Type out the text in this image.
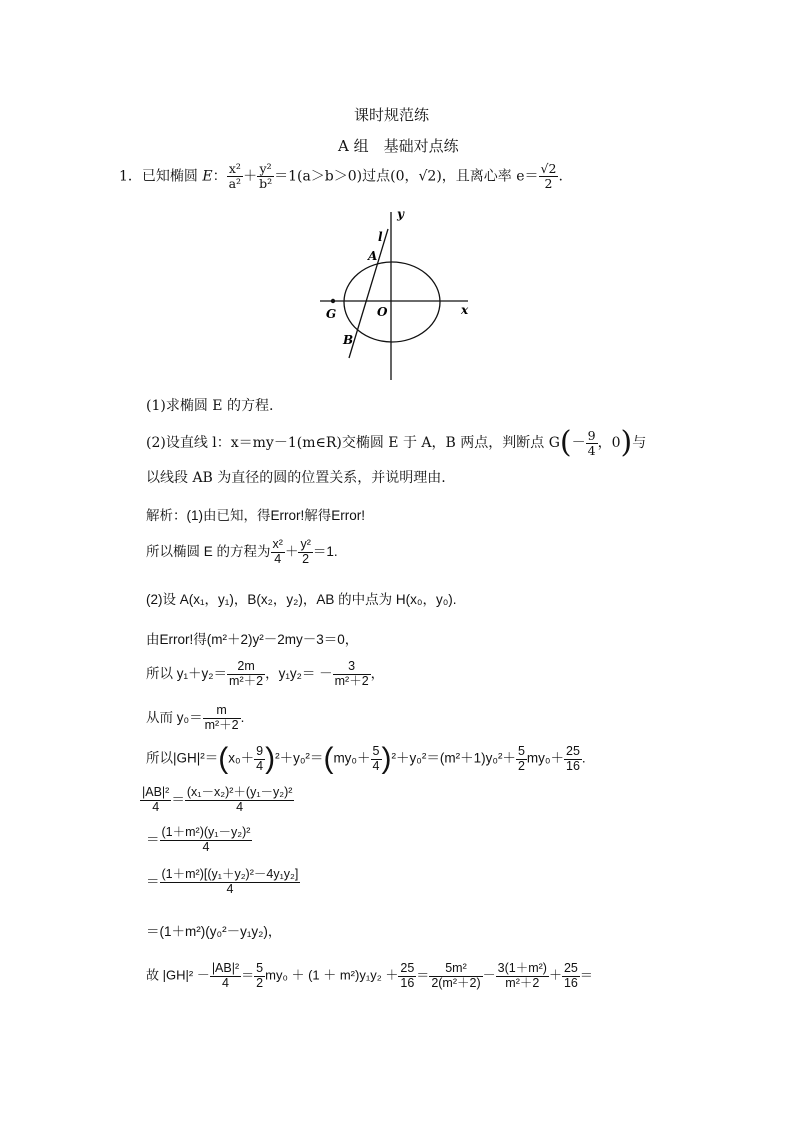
课时规范练
A 组　基础对点练
1．已知椭圆 E： $\frac{\text{x²}}{\text{a²}} + \frac{\text{y²}}{\text{b²}} =1(a>b>0)$过点(0，√2)，且离心率 $e= \frac{√2}{2}$ .
y
x
l
A
B
G	O
(1)求椭圆 E 的方程.
(2)设直线 l：x＝my－1(m∈R)交椭圆 E 于 A，B 两点，判断点 $G(- \frac{9}{4}$ ，0)与
以线段 AB 为直径的圆的位置关系，并说明理由.
解析：(1)由已知，得Error!解得Error!
所以椭圆 E 的方程为 $\frac{\text{x²}}{4} + \frac{\text{y²}}{2} =1$.
(2)设 A(x₁，y₁)，B(x₂，y₂)，AB 的中点为 H(x₀，y₀).
由Error!得(m²＋2)y²－2my－3＝0，
所以 $y_1+y_2= \frac{2m}{\text{m²＋2}}$ ，$y_1y_2= - \frac{3}{\text{m²＋2}}$ ，
从而 $y_0= \frac{m}{\text{m²＋2}}$ .
所以$|GH|^2=(x_0+ \frac{9}{4} )^2+y_0^2=(my_0+ \frac{5}{4} )^2+y_0^2=(m^2+1)y_0^2+ \frac{5}{2} my_0+ \frac{25}{16}$ .
$\frac{\text{|AB|²}}{4} = \frac{\text{(x₁－x₂)²＋(y₁－y₂)²}}{4}$
＝ $\frac{\text{(1＋m²)(y₁－y₂)²}}{4}$
＝ $\frac{\text{(1＋m²)[(y₁＋y₂)²－4y₁y₂]}}{4}$
＝(1＋m²)(y₀²－y₁y₂)，
故 $|GH|^2 - \frac{\text{|AB|²}}{4} = \frac{5}{2} my_0 + (1 + m^2)y_1y_2 + \frac{25}{16} = \frac{\text{5m²}}{\text{2(m²＋2)}} - \frac{\text{3(1＋m²)}}{\text{m²＋2}} + \frac{25}{16}$ ＝
